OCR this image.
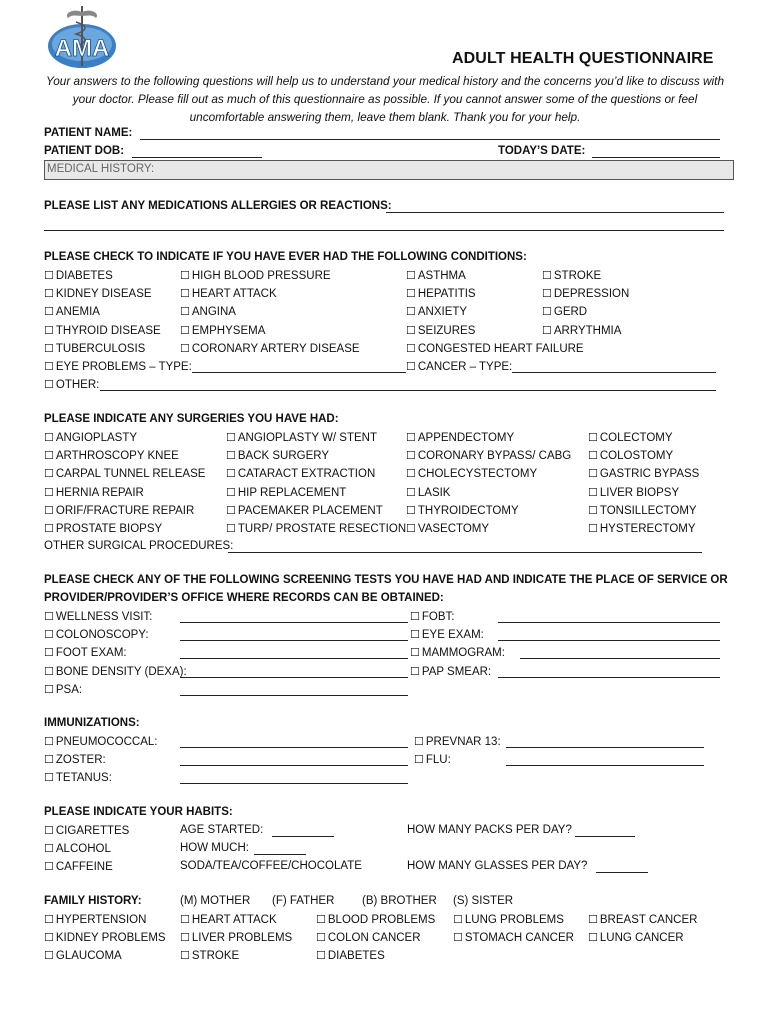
AMA	ADULT HEALTH QUESTIONNAIRE
Your answers to the following questions will help us to understand your medical history and the concerns you’d like to discuss with your doctor. Please fill out as much of this questionnaire as possible. If you cannot answer some of the questions or feel uncomfortable answering them, leave them blank. Thank you for your help.
PATIENT NAME:
PATIENT DOB:	TODAY’S DATE:
MEDICAL HISTORY:
PLEASE LIST ANY MEDICATIONS ALLERGIES OR REACTIONS:
PLEASE CHECK TO INDICATE IF YOU HAVE EVER HAD THE FOLLOWING CONDITIONS:
☐ DIABETES
☐ KIDNEY DISEASE
☐ ANEMIA
☐ THYROID DISEASE
☐ TUBERCULOSIS
☐ HIGH BLOOD PRESSURE
☐ HEART ATTACK
☐ ANGINA
☐ EMPHYSEMA
☐ CORONARY ARTERY DISEASE
☐ ASTHMA
☐ HEPATITIS
☐ ANXIETY
☐ SEIZURES
☐ CONGESTED HEART FAILURE
☐ STROKE
☐ DEPRESSION
☐ GERD
☐ ARRYTHMIA
☐ EYE PROBLEMS – TYPE:
☐	CANCER – TYPE:
☐ OTHER:
PLEASE INDICATE ANY SURGERIES YOU HAVE HAD:
☐ ANGIOPLASTY
☐ ARTHROSCOPY KNEE
☐ CARPAL TUNNEL RELEASE
☐ HERNIA REPAIR
☐ ORIF/FRACTURE REPAIR
☐ PROSTATE BIOPSY
☐ ANGIOPLASTY W/ STENT
☐ BACK SURGERY
☐ CATARACT EXTRACTION
☐ HIP REPLACEMENT
☐ PACEMAKER PLACEMENT
☐ TURP/ PROSTATE RESECTION
☐ APPENDECTOMY
☐ CORONARY BYPASS/ CABG
☐ CHOLECYSTECTOMY
☐ LASIK
☐ THYROIDECTOMY
☐ VASECTOMY
☐ COLECTOMY
☐ COLOSTOMY
☐ GASTRIC BYPASS
☐ LIVER BIOPSY
☐ TONSILLECTOMY
☐ HYSTERECTOMY
OTHER SURGICAL PROCEDURES:
PLEASE CHECK ANY OF THE FOLLOWING SCREENING TESTS YOU HAVE HAD AND INDICATE THE PLACE OF SERVICE OR
PROVIDER/PROVIDER’S OFFICE WHERE RECORDS CAN BE OBTAINED:
☐ WELLNESS VISIT:
☐ COLONOSCOPY:
☐ FOOT EXAM:
☐ BONE DENSITY (DEXA):
☐ PSA:
☐ FOBT:
☐ EYE EXAM:
☐ MAMMOGRAM:
☐ PAP SMEAR:
IMMUNIZATIONS:
☐ PNEUMOCOCCAL:
☐ ZOSTER:
☐ TETANUS:
☐ PREVNAR 13:
☐ FLU:
PLEASE INDICATE YOUR HABITS:
☐ CIGARETTES
☐ ALCOHOL
☐ CAFFEINE
AGE STARTED:
HOW MUCH:
SODA/TEA/COFFEE/CHOCOLATE
HOW MANY PACKS PER DAY?
HOW MANY GLASSES PER DAY?
FAMILY HISTORY:	(M) MOTHER (F) FATHER (B) BROTHER (S) SISTER
☐ HYPERTENSION
☐ KIDNEY PROBLEMS
☐ GLAUCOMA
☐ HEART ATTACK
☐ LIVER PROBLEMS
☐ STROKE
☐ BLOOD PROBLEMS
☐ COLON CANCER
☐ DIABETES
☐ LUNG PROBLEMS
☐ STOMACH CANCER
☐ BREAST CANCER
☐ LUNG CANCER
